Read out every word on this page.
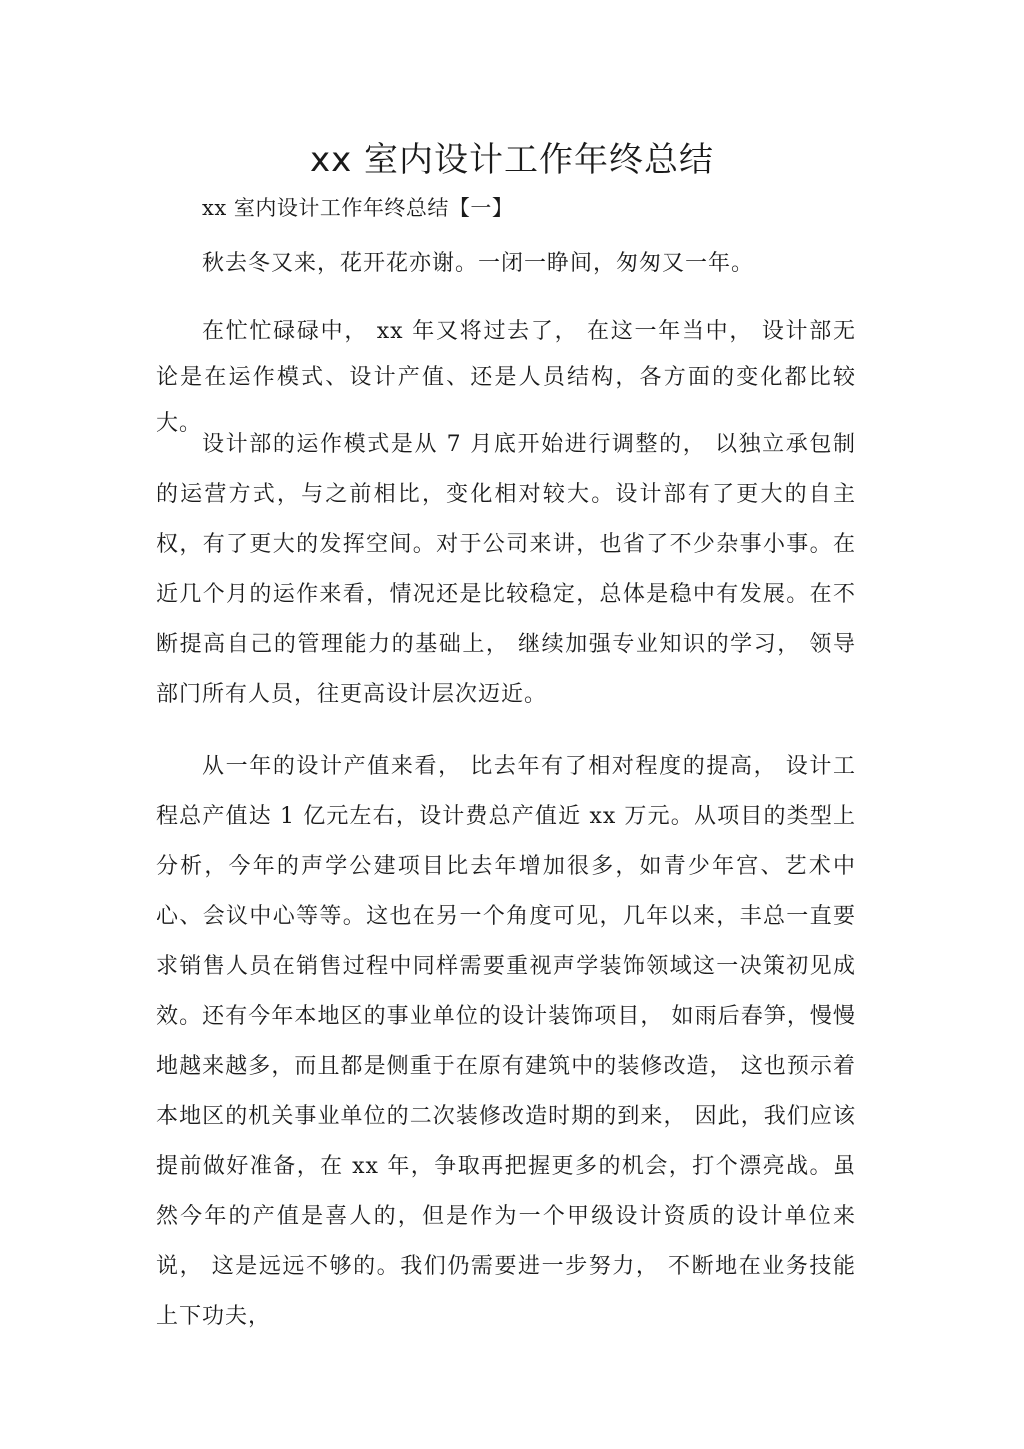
xx 室内设计工作年终总结

xx 室内设计工作年终总结【一】

秋去冬又来，花开花亦谢。一闭一睁间，匆匆又一年。

在忙忙碌碌中， xx 年又将过去了， 在这一年当中， 设计部无论是在运作模式、设计产值、还是人员结构，各方面的变化都比较大。

设计部的运作模式是从 7 月底开始进行调整的， 以独立承包制的运营方式，与之前相比，变化相对较大。设计部有了更大的自主权，有了更大的发挥空间。对于公司来讲，也省了不少杂事小事。在近几个月的运作来看，情况还是比较稳定，总体是稳中有发展。在不断提高自己的管理能力的基础上， 继续加强专业知识的学习， 领导部门所有人员，往更高设计层次迈近。

从一年的设计产值来看， 比去年有了相对程度的提高， 设计工程总产值达 1 亿元左右，设计费总产值近 xx 万元。从项目的类型上分析，今年的声学公建项目比去年增加很多，如青少年宫、艺术中心、会议中心等等。这也在另一个角度可见，几年以来，丰总一直要求销售人员在销售过程中同样需要重视声学装饰领域这一决策初见成效。还有今年本地区的事业单位的设计装饰项目， 如雨后春笋，慢慢地越来越多，而且都是侧重于在原有建筑中的装修改造， 这也预示着本地区的机关事业单位的二次装修改造时期的到来， 因此，我们应该提前做好准备，在 xx 年，争取再把握更多的机会，打个漂亮战。虽然今年的产值是喜人的，但是作为一个甲级设计资质的设计单位来说， 这是远远不够的。我们仍需要进一步努力， 不断地在业务技能上下功夫，
